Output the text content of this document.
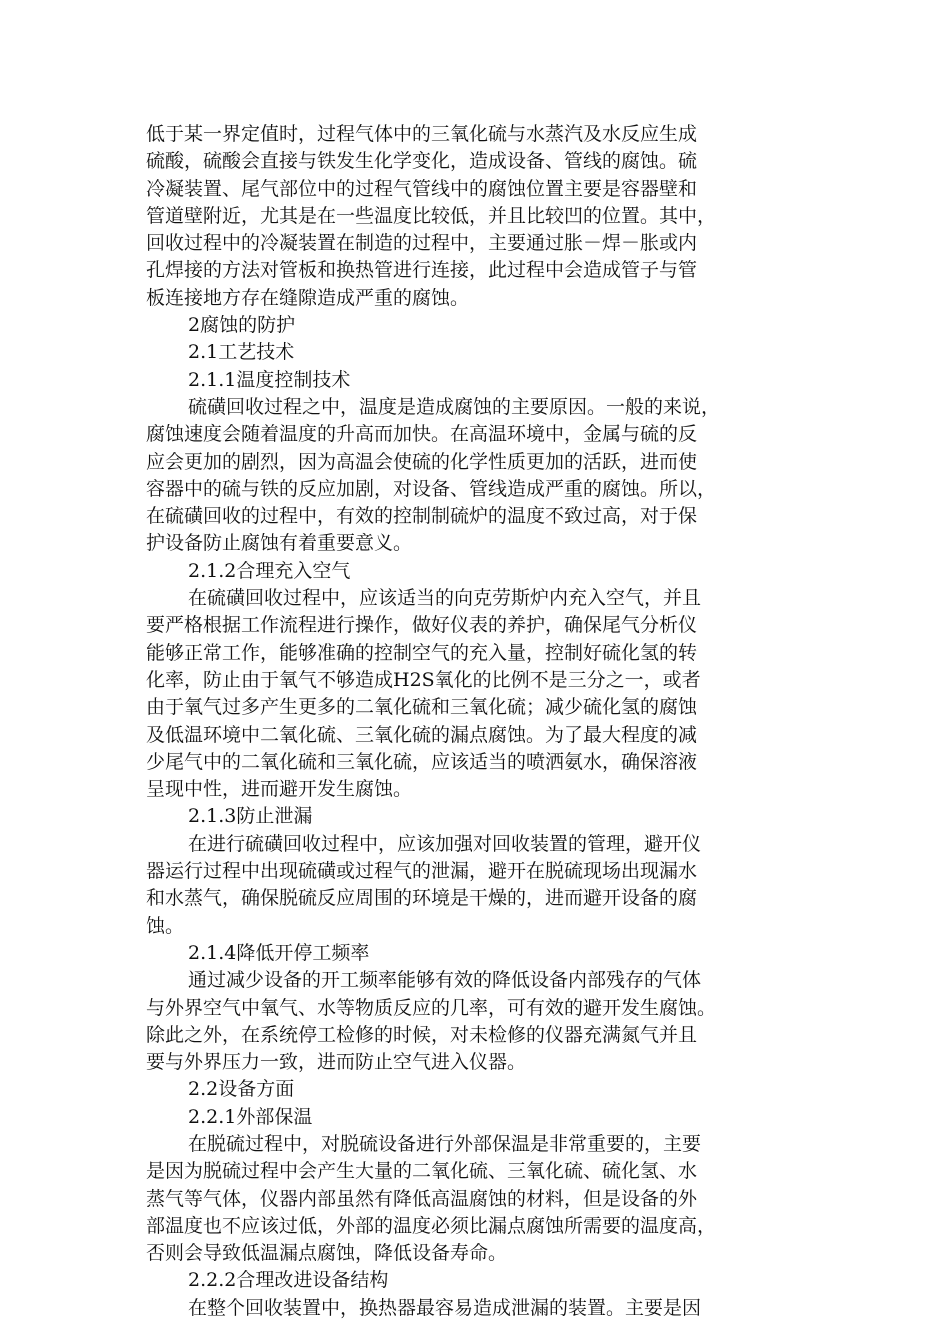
低于某一界定值时，过程气体中的三氧化硫与水蒸汽及水反应生成
硫酸，硫酸会直接与铁发生化学变化，造成设备、管线的腐蚀。硫
冷凝装置、尾气部位中的过程气管线中的腐蚀位置主要是容器壁和
管道壁附近，尤其是在一些温度比较低，并且比较凹的位置。其中，
回收过程中的冷凝装置在制造的过程中，主要通过胀－焊－胀或内
孔焊接的方法对管板和换热管进行连接，此过程中会造成管子与管
板连接地方存在缝隙造成严重的腐蚀。
2腐蚀的防护
2.1工艺技术
2.1.1温度控制技术
硫磺回收过程之中，温度是造成腐蚀的主要原因。一般的来说，
腐蚀速度会随着温度的升高而加快。在高温环境中，金属与硫的反
应会更加的剧烈，因为高温会使硫的化学性质更加的活跃，进而使
容器中的硫与铁的反应加剧，对设备、管线造成严重的腐蚀。所以，
在硫磺回收的过程中，有效的控制制硫炉的温度不致过高，对于保
护设备防止腐蚀有着重要意义。
2.1.2合理充入空气
在硫磺回收过程中，应该适当的向克劳斯炉内充入空气，并且
要严格根据工作流程进行操作，做好仪表的养护，确保尾气分析仪
能够正常工作，能够准确的控制空气的充入量，控制好硫化氢的转
化率，防止由于氧气不够造成H2S氧化的比例不是三分之一，或者
由于氧气过多产生更多的二氧化硫和三氧化硫；减少硫化氢的腐蚀
及低温环境中二氧化硫、三氧化硫的漏点腐蚀。为了最大程度的减
少尾气中的二氧化硫和三氧化硫，应该适当的喷洒氨水，确保溶液
呈现中性，进而避开发生腐蚀。
2.1.3防止泄漏
在进行硫磺回收过程中，应该加强对回收装置的管理，避开仪
器运行过程中出现硫磺或过程气的泄漏，避开在脱硫现场出现漏水
和水蒸气，确保脱硫反应周围的环境是干燥的，进而避开设备的腐
蚀。
2.1.4降低开停工频率
通过减少设备的开工频率能够有效的降低设备内部残存的气体
与外界空气中氧气、水等物质反应的几率，可有效的避开发生腐蚀。
除此之外，在系统停工检修的时候，对未检修的仪器充满氮气并且
要与外界压力一致，进而防止空气进入仪器。
2.2设备方面
2.2.1外部保温
在脱硫过程中，对脱硫设备进行外部保温是非常重要的，主要
是因为脱硫过程中会产生大量的二氧化硫、三氧化硫、硫化氢、水
蒸气等气体，仪器内部虽然有降低高温腐蚀的材料，但是设备的外
部温度也不应该过低，外部的温度必须比漏点腐蚀所需要的温度高，
否则会导致低温漏点腐蚀，降低设备寿命。
2.2.2合理改进设备结构
在整个回收装置中，换热器最容易造成泄漏的装置。主要是因
